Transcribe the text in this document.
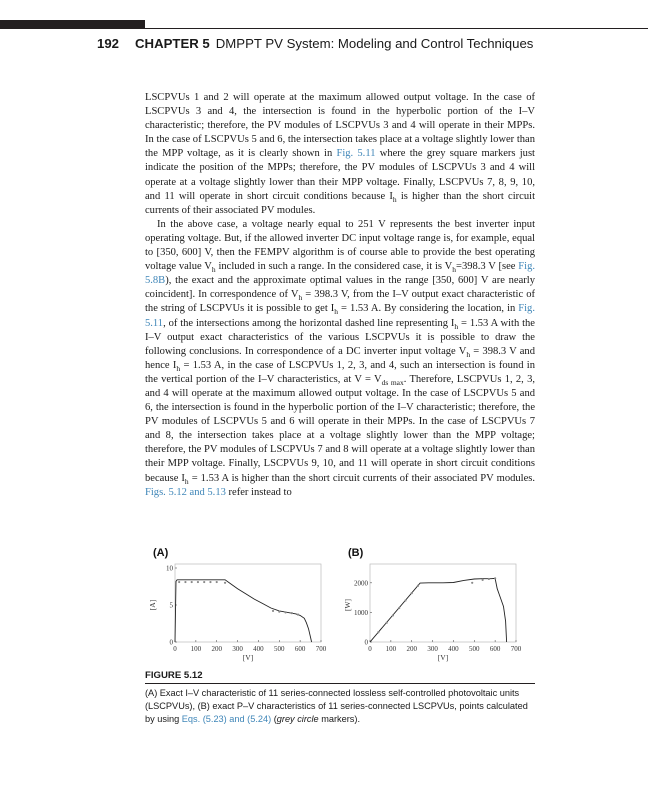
192 CHAPTER 5 DMPPT PV System: Modeling and Control Techniques

LSCPVUs 1 and 2 will operate at the maximum allowed output voltage. In the case of LSCPVUs 3 and 4, the intersection is found in the hyperbolic portion of the I–V characteristic; therefore, the PV modules of LSCPVUs 3 and 4 will operate in their MPPs. In the case of LSCPVUs 5 and 6, the intersection takes place at a voltage slightly lower than the MPP voltage, as it is clearly shown in Fig. 5.11 where the grey square markers just indicate the position of the MPPs; therefore, the PV modules of LSCPVUs 3 and 4 will operate at a voltage slightly lower than their MPP voltage. Finally, LSCPVUs 7, 8, 9, 10, and 11 will operate in short circuit conditions because $I_h$ is higher than the short circuit currents of their associated PV modules.

In the above case, a voltage nearly equal to 251 V represents the best inverter input operating voltage. But, if the allowed inverter DC input voltage range is, for example, equal to [350, 600] V, then the FEMPV algorithm is of course able to provide the best operating voltage value $V_h$ included in such a range. In the considered case, it is $V_h=398.3$ V [see Fig. 5.8B), the exact and the approximate optimal values in the range [350, 600] V are nearly coincident]. In correspondence of $V_h = 398.3$ V, from the I–V output exact characteristic of the string of LSCPVUs it is possible to get $I_h = 1.53$ A. By considering the location, in Fig. 5.11, of the intersections among the horizontal dashed line representing $I_h = 1.53$ A with the I–V output exact characteristics of the various LSCPVUs it is possible to draw the following conclusions. In correspondence of a DC inverter input voltage $V_h = 398.3$ V and hence $I_h = 1.53$ A, in the case of LSCPVUs 1, 2, 3, and 4, such an intersection is found in the vertical portion of the I–V characteristics, at $V = V_{ds max}$. Therefore, LSCPVUs 1, 2, 3, and 4 will operate at the maximum allowed output voltage. In the case of LSCPVUs 5 and 6, the intersection is found in the hyperbolic portion of the I–V characteristic; therefore, the PV modules of LSCPVUs 5 and 6 will operate in their MPPs. In the case of LSCPVUs 7 and 8, the intersection takes place at a voltage slightly lower than the MPP voltage; therefore, the PV modules of LSCPVUs 7 and 8 will operate at a voltage slightly lower than their MPP voltage. Finally, LSCPVUs 9, 10, and 11 will operate in short circuit conditions because $I_h = 1.53$ A is higher than the short circuit currents of their associated PV modules. Figs. 5.12 and 5.13 refer instead to

(A)
0 100 200 300 400 500 600 700
0
5
10
[V]
[A]
(B)
0 100 200 300 400 500 600 700
0
1000
2000
[V]
[W]
FIGURE 5.12
(A) Exact I–V characteristic of 11 series-connected lossless self-controlled photovoltaic units (LSCPVUs), (B) exact P–V characteristics of 11 series-connected LSCPVUs, points calculated by using Eqs. (5.23) and (5.24) (grey circle markers).
